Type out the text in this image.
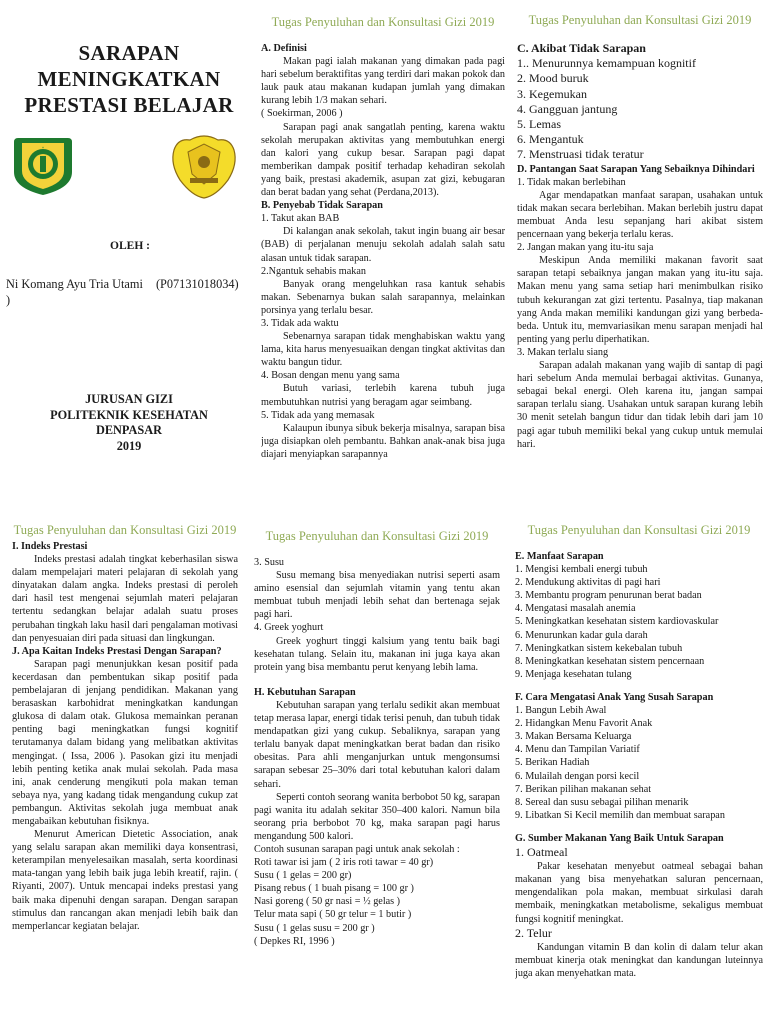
SARAPAN MENINGKATKAN PRESTASI BELAJAR
*
OLEH :
Ni Komang Ayu Tria Utami (P07131018034)
)
JURUSAN GIZI
POLITEKNIK KESEHATAN
DENPASAR
2019
Tugas Penyuluhan dan Konsultasi Gizi 2019

A. Definisi

Makan pagi ialah makanan yang dimakan pada pagi hari sebelum beraktifitas yang terdiri dari makan pokok dan lauk pauk atau makanan kudapan jumlah yang dimakan kurang lebih 1/3 makan sehari.

( Soekirman, 2006 )

Sarapan pagi anak sangatlah penting, karena waktu sekolah merupakan aktivitas yang membutuhkan energi dan kalori yang cukup besar. Sarapan pagi dapat memberikan dampak positif terhadap kehadiran sekolah yang baik, prestasi akademik, asupan zat gizi, kebugaran dan berat badan yang sehat (Perdana,2013).

B. Penyebab Tidak Sarapan

1. Takut akan BAB

Di kalangan anak sekolah, takut ingin buang air besar (BAB) di perjalanan menuju sekolah adalah salah satu alasan untuk tidak sarapan.

2.Ngantuk sehabis makan

Banyak orang mengeluhkan rasa kantuk sehabis makan. Sebenarnya bukan salah sarapannya, melainkan porsinya yang terlalu besar.

3. Tidak ada waktu

Sebenarnya sarapan tidak menghabiskan waktu yang lama, kita harus menyesuaikan dengan tingkat aktivitas dan waktu bangun tidur.

4. Bosan dengan menu yang sama

Butuh variasi, terlebih karena tubuh juga membutuhkan nutrisi yang beragam agar seimbang.

5. Tidak ada yang memasak

Kalaupun ibunya sibuk bekerja misalnya, sarapan bisa juga disiapkan oleh pembantu. Bahkan anak-anak bisa juga diajari menyiapkan sarapannya

Tugas Penyuluhan dan Konsultasi Gizi 2019

C. Akibat Tidak Sarapan

1.. Menurunnya kemampuan kognitif

2. Mood buruk

3. Kegemukan

4. Gangguan jantung

5. Lemas

6. Mengantuk

7. Menstruasi tidak teratur

D. Pantangan Saat Sarapan Yang Sebaiknya Dihindari

1. Tidak makan berlebihan

Agar mendapatkan manfaat sarapan, usahakan untuk tidak makan secara berlebihan. Makan berlebih justru dapat membuat Anda lesu sepanjang hari akibat sistem pencernaan yang bekerja terlalu keras.

2. Jangan makan yang itu-itu saja

Meskipun Anda memiliki makanan favorit saat sarapan tetapi sebaiknya jangan makan yang itu-itu saja. Makan menu yang sama setiap hari menimbulkan risiko tubuh kekurangan zat gizi tertentu. Pasalnya, tiap makanan yang Anda makan memiliki kandungan gizi yang berbeda-beda. Untuk itu, memvariasikan menu sarapan menjadi hal penting yang perlu diperhatikan.

3. Makan terlalu siang

Sarapan adalah makanan yang wajib di santap di pagi hari sebelum Anda memulai berbagai aktivitas. Gunanya, sebagai bekal energi. Oleh karena itu, jangan sampai sarapan terlalu siang. Usahakan untuk sarapan kurang lebih 30 menit setelah bangun tidur dan tidak lebih dari jam 10 pagi agar tubuh memiliki bekal yang cukup untuk memulai hari.

Tugas Penyuluhan dan Konsultasi Gizi 2019

I. Indeks Prestasi

Indeks prestasi adalah tingkat keberhasilan siswa dalam mempelajari materi pelajaran di sekolah yang dinyatakan dalam angka. Indeks prestasi di peroleh dari hasil test mengenai sejumlah materi pelajaran tertentu sedangkan belajar adalah suatu proses perubahan tingkah laku hasil dari pengalaman motivasi dan penyesuaian diri pada situasi dan lingkungan.

J. Apa Kaitan Indeks Prestasi Dengan Sarapan?

Sarapan pagi menunjukkan kesan positif pada kecerdasan dan pembentukan sikap positif pada pembelajaran di jenjang pendidikan. Makanan yang berasaskan karbohidrat meningkatkan kandungan glukosa di dalam otak. Glukosa memainkan peranan penting bagi meningkatkan fungsi kognitif terutamanya dalam bidang yang melibatkan aktivitas mengingat. ( Issa, 2006 ). Pasokan gizi itu menjadi lebih penting ketika anak mulai sekolah. Pada masa ini, anak cenderung mengikuti pola makan teman sebaya nya, yang kadang tidak mengandung cukup zat pembangun. Aktivitas sekolah juga membuat anak mengabaikan kebutuhan fisiknya.

Menurut American Dietetic Association, anak yang selalu sarapan akan memiliki daya konsentrasi, keterampilan menyelesaikan masalah, serta koordinasi mata-tangan yang lebih baik juga lebih kreatif, rajin. ( Riyanti, 2007). Untuk mencapai indeks prestasi yang baik maka dipenuhi dengan sarapan. Dengan sarapan stimulus dan rancangan akan menjadi lebih baik dan memperlancar kegiatan belajar.

Tugas Penyuluhan dan Konsultasi Gizi 2019

3. Susu

Susu memang bisa menyediakan nutrisi seperti asam amino esensial dan sejumlah vitamin yang tentu akan membuat tubuh menjadi lebih sehat dan bertenaga sejak pagi hari.

4. Greek yoghurt

Greek yoghurt tinggi kalsium yang tentu baik bagi kesehatan tulang. Selain itu, makanan ini juga kaya akan protein yang bisa membantu perut kenyang lebih lama.

H. Kebutuhan Sarapan

Kebutuhan sarapan yang terlalu sedikit akan membuat tetap merasa lapar, energi tidak terisi penuh, dan tubuh tidak mendapatkan gizi yang cukup. Sebaliknya, sarapan yang terlalu banyak dapat meningkatkan berat badan dan risiko obesitas. Para ahli menganjurkan untuk mengonsumsi sarapan sebesar 25–30% dari total kebutuhan kalori dalam sehari.

Seperti contoh seorang wanita berbobot 50 kg, sarapan pagi wanita itu adalah sekitar 350–400 kalori. Namun bila seorang pria berbobot 70 kg, maka sarapan pagi harus mengandung 500 kalori.

Contoh susunan sarapan pagi untuk anak sekolah :

Roti tawar isi jam ( 2 iris roti tawar = 40 gr)

Susu ( 1 gelas = 200 gr)

Pisang rebus ( 1 buah pisang = 100 gr )

Nasi goreng ( 50 gr nasi = ½ gelas )

Telur mata sapi ( 50 gr telur = 1 butir )

Susu ( 1 gelas susu = 200 gr )

( Depkes RI, 1996 )

Tugas Penyuluhan dan Konsultasi Gizi 2019

E. Manfaat Sarapan

1. Mengisi kembali energi tubuh

2. Mendukung aktivitas di pagi hari

3. Membantu program penurunan berat badan

4. Mengatasi masalah anemia

5. Meningkatkan kesehatan sistem kardiovaskular

6. Menurunkan kadar gula darah

7. Meningkatkan sistem kekebalan tubuh

8. Meningkatkan kesehatan sistem pencernaan

9. Menjaga kesehatan tulang

F. Cara Mengatasi Anak Yang Susah Sarapan

1. Bangun Lebih Awal

2. Hidangkan Menu Favorit Anak

3. Makan Bersama Keluarga

4. Menu dan Tampilan Variatif

5. Berikan Hadiah

6. Mulailah dengan porsi kecil

7. Berikan pilihan makanan sehat

8. Sereal dan susu sebagai pilihan menarik

9. Libatkan Si Kecil memilih dan membuat sarapan

G. Sumber Makanan Yang Baik Untuk Sarapan

1. Oatmeal

Pakar kesehatan menyebut oatmeal sebagai bahan makanan yang bisa menyehatkan saluran pencernaan, mengendalikan pola makan, membuat sirkulasi darah membaik, meningkatkan metabolisme, sekaligus membuat fungsi kognitif meningkat.

2. Telur

Kandungan vitamin B dan kolin di dalam telur akan membuat kinerja otak meningkat dan kandungan luteinnya juga akan menyehatkan mata.
